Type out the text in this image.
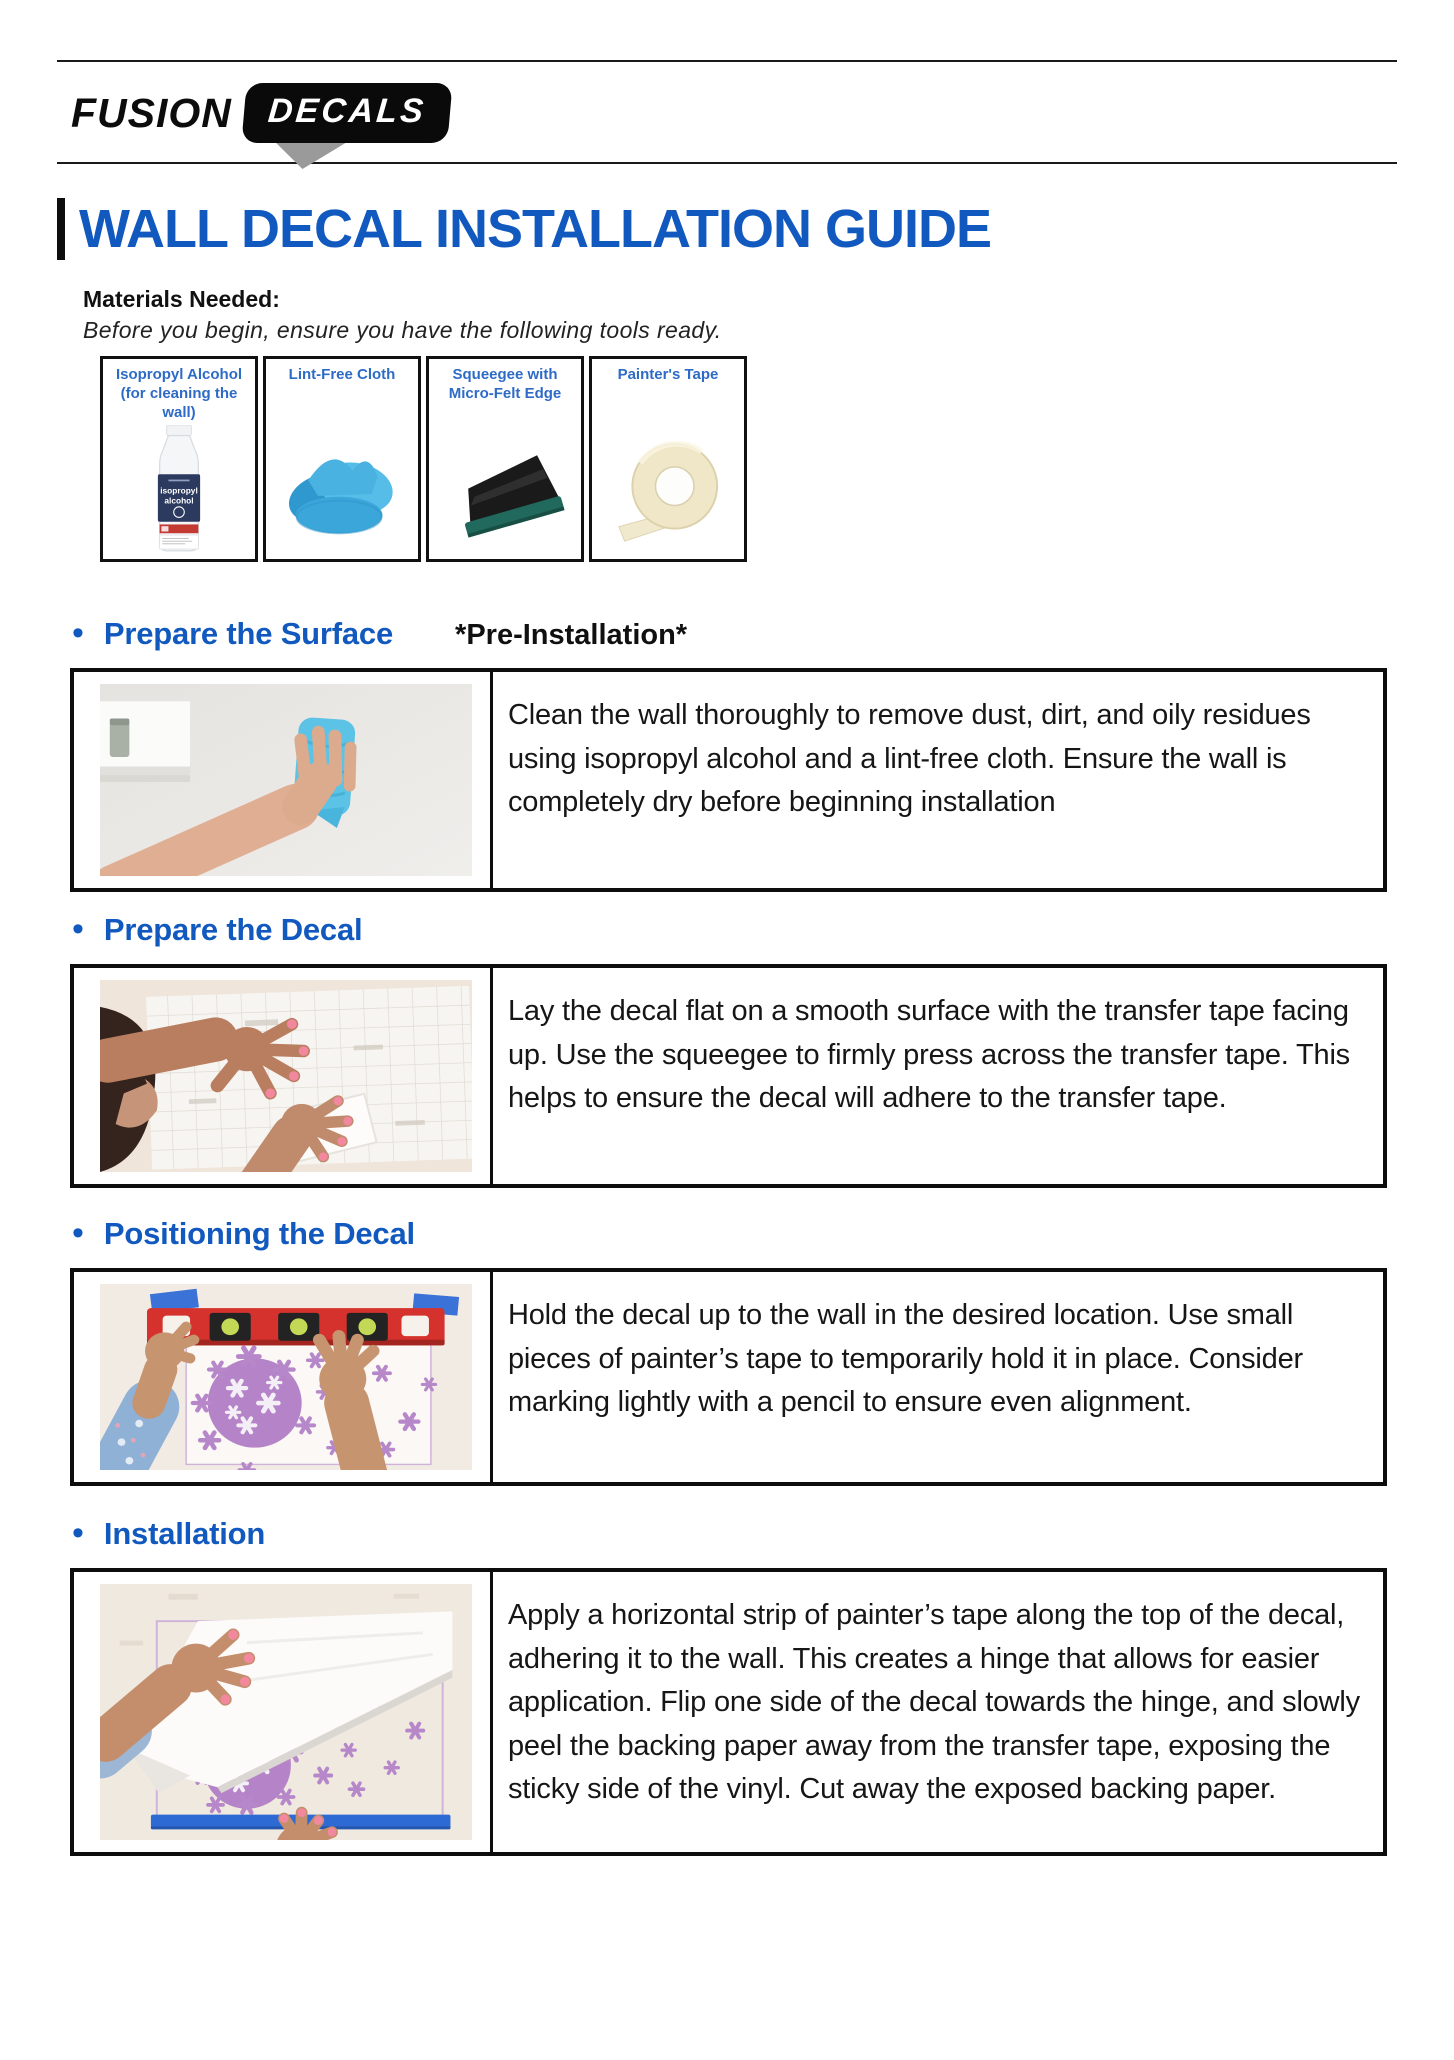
FUSION	DECALS
WALL DECAL INSTALLATION GUIDE
Materials Needed:
Before you begin, ensure you have the following tools ready.
Isopropyl Alcohol (for cleaning the wall)
isopropyl
alcohol
Lint-Free Cloth	Squeegee with Micro-Felt Edge
Painter's Tape
• Prepare the Surface *Pre-Installation*
Clean the wall thoroughly to remove dust, dirt, and oily residues using isopropyl alcohol and a lint-free cloth. Ensure the wall is completely dry before beginning installation
• Prepare the Decal
Lay the decal flat on a smooth surface with the transfer tape facing up. Use the squeegee to firmly press across the transfer tape. This helps to ensure the decal will adhere to the transfer tape.
• Positioning the Decal
Hold the decal up to the wall in the desired location. Use small pieces of painter’s tape to temporarily hold it in place. Consider marking lightly with a pencil to ensure even alignment.
• Installation
Apply a horizontal strip of painter’s tape along the top of the decal, adhering it to the wall. This creates a hinge that allows for easier application. Flip one side of the decal towards the hinge, and slowly peel the backing paper away from the transfer tape, exposing the sticky side of the vinyl. Cut away the exposed backing paper.
